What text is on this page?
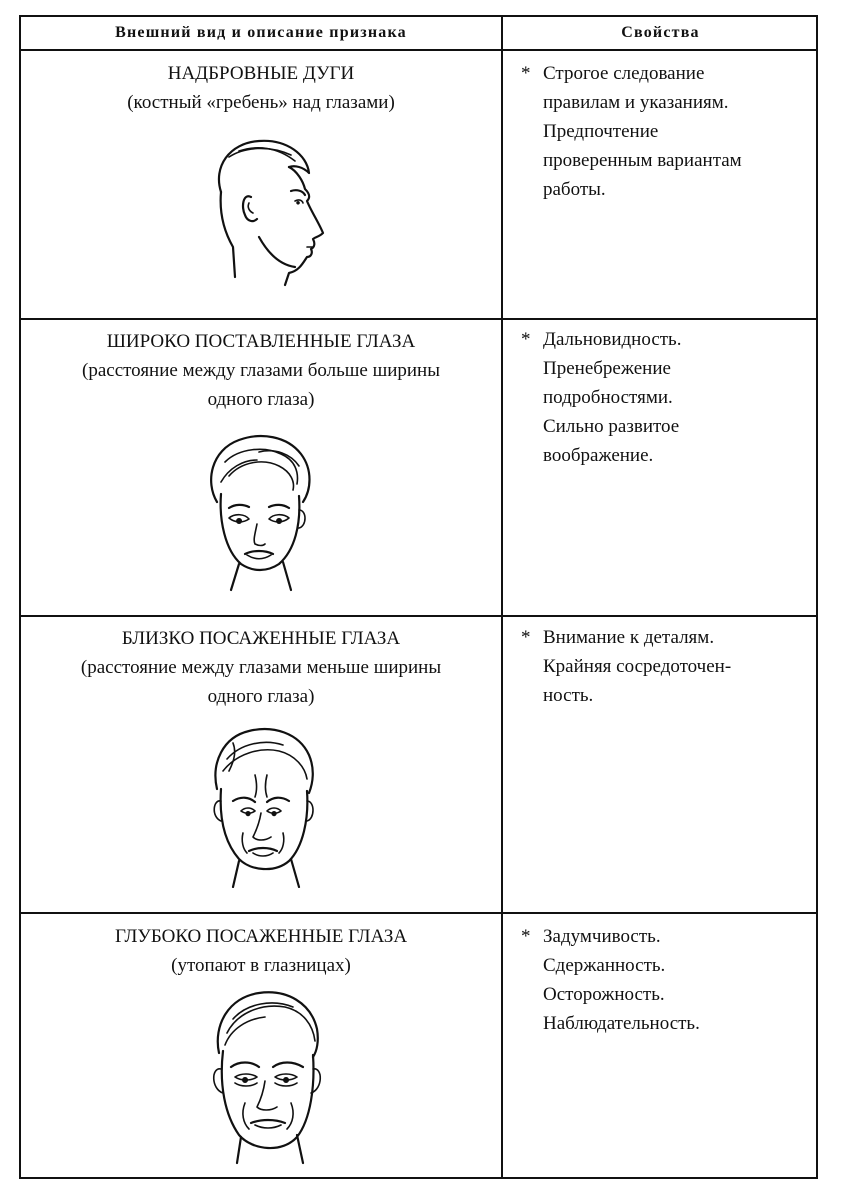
Внешний вид и описание признака	Свойства

НАДБРОВНЫЕ ДУГИ

(костный «гребень» над глазами)

* Строгое следование
правилам и указаниям.
Предпочтение
проверенным вариантам
работы.

ШИРОКО ПОСТАВЛЕННЫЕ ГЛАЗА

(расстояние между глазами больше ширины

одного глаза)

* Дальновидность.
Пренебрежение
подробностями.
Сильно развитое
воображение.

БЛИЗКО ПОСАЖЕННЫЕ ГЛАЗА

(расстояние между глазами меньше ширины

одного глаза)

* Внимание к деталям.
Крайняя сосредоточен-
ность.

ГЛУБОКО ПОСАЖЕННЫЕ ГЛАЗА

(утопают в глазницах)

* Задумчивость.
Сдержанность.
Осторожность.
Наблюдательность.
